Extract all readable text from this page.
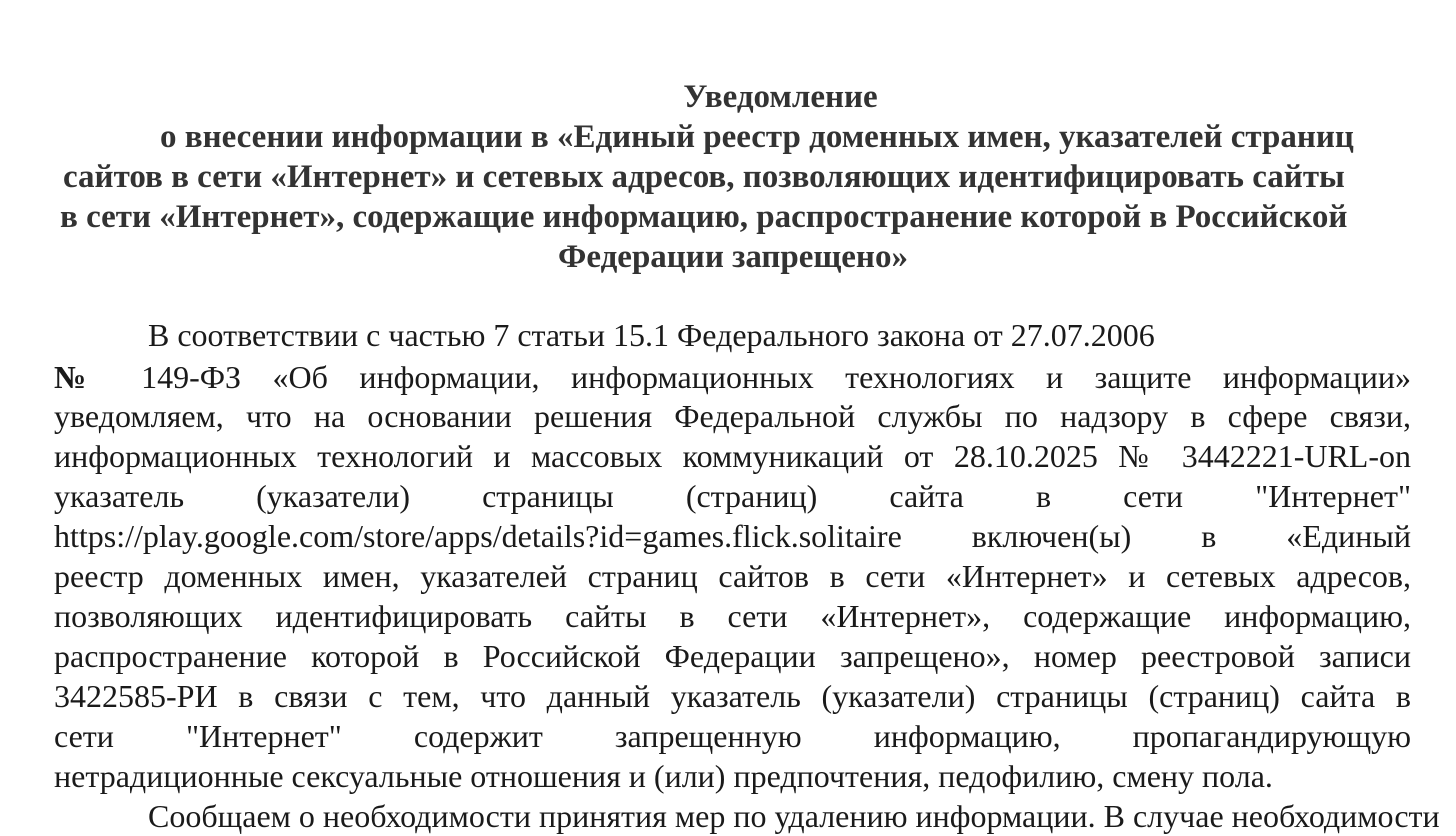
Уведомление
о внесении информации в «Единый реестр доменных имен, указателей страниц
сайтов в сети «Интернет» и сетевых адресов, позволяющих идентифицировать сайты
в сети «Интернет», содержащие информацию, распространение которой в Российской
Федерации запрещено»
В соответствии с частью 7 статьи 15.1 Федерального закона от 27.07.2006
№ 149-ФЗ «Об информации, информационных технологиях и защите информации»
уведомляем, что на основании решения Федеральной службы по надзору в сфере связи,
информационных технологий и массовых коммуникаций от 28.10.2025 № 3442221-URL-on
указатель (указатели) страницы (страниц) сайта в сети "Интернет"
https://play.google.com/store/apps/details?id=games.flick.solitaire включен(ы) в «Единый
реестр доменных имен, указателей страниц сайтов в сети «Интернет» и сетевых адресов,
позволяющих идентифицировать сайты в сети «Интернет», содержащие информацию,
распространение которой в Российской Федерации запрещено», номер реестровой записи
3422585-РИ в связи с тем, что данный указатель (указатели) страницы (страниц) сайта в
сети "Интернет" содержит запрещенную информацию, пропагандирующую
нетрадиционные сексуальные отношения и (или) предпочтения, педофилию, смену пола.
Сообщаем о необходимости принятия мер по удалению информации. В случае необходимости
